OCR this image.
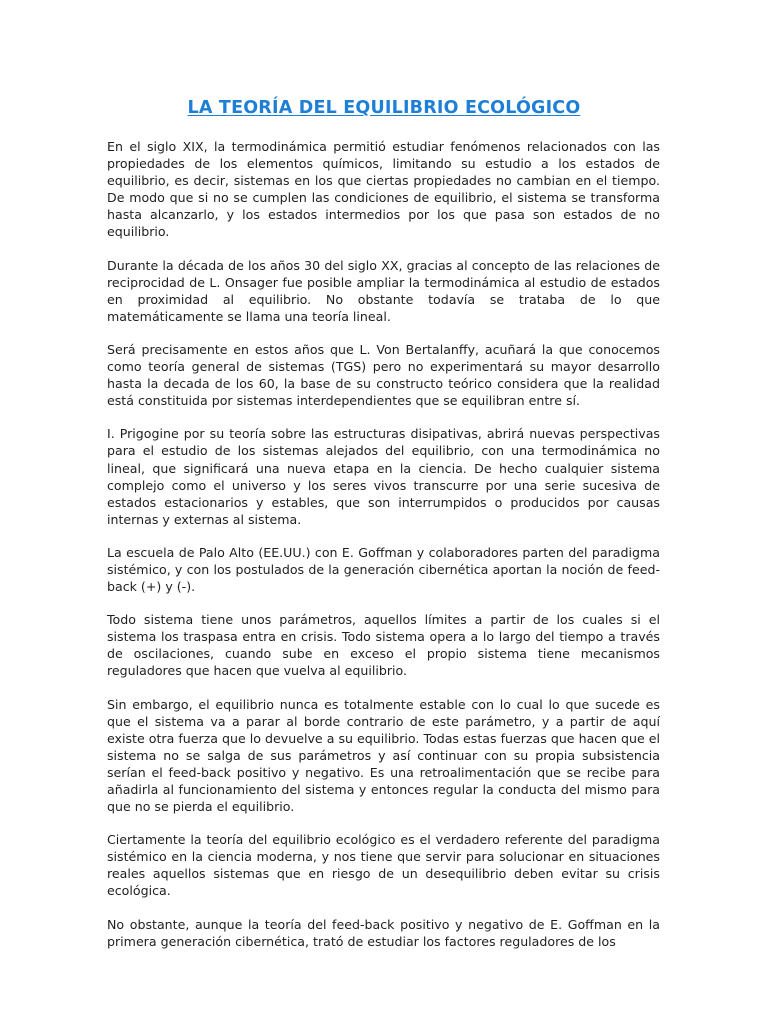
LA TEORÍA DEL EQUILIBRIO ECOLÓGICO

En el siglo XIX, la termodinámica permitió estudiar fenómenos relacionados con las propiedades de los elementos químicos, limitando su estudio a los estados de equilibrio, es decir, sistemas en los que ciertas propiedades no cambian en el tiempo. De modo que si no se cumplen las condiciones de equilibrio, el sistema se transforma hasta alcanzarlo, y los estados intermedios por los que pasa son estados de no equilibrio.

Durante la década de los años 30 del siglo XX, gracias al concepto de las relaciones de reciprocidad de L. Onsager fue posible ampliar la termodinámica al estudio de estados en proximidad al equilibrio. No obstante todavía se trataba de lo que matemáticamente se llama una teoría lineal.

Será precisamente en estos años que L. Von Bertalanffy, acuñará la que conocemos como teoría general de sistemas (TGS) pero no experimentará su mayor desarrollo hasta la decada de los 60, la base de su constructo teórico considera que la realidad está constituida por sistemas interdependientes que se equilibran entre sí.

I. Prigogine por su teoría sobre las estructuras disipativas, abrirá nuevas perspectivas para el estudio de los sistemas alejados del equilibrio, con una termodinámica no lineal, que significará una nueva etapa en la ciencia. De hecho cualquier sistema complejo como el universo y los seres vivos transcurre por una serie sucesiva de estados estacionarios y estables, que son interrumpidos o producidos por causas internas y externas al sistema.

La escuela de Palo Alto (EE.UU.) con E. Goffman y colaboradores parten del paradigma sistémico, y con los postulados de la generación cibernética aportan la noción de feed-back (+) y (-).

Todo sistema tiene unos parámetros, aquellos límites a partir de los cuales si el sistema los traspasa entra en crisis. Todo sistema opera a lo largo del tiempo a través de oscilaciones, cuando sube en exceso el propio sistema tiene mecanismos reguladores que hacen que vuelva al equilibrio.

Sin embargo, el equilibrio nunca es totalmente estable con lo cual lo que sucede es que el sistema va a parar al borde contrario de este parámetro, y a partir de aquí existe otra fuerza que lo devuelve a su equilibrio. Todas estas fuerzas que hacen que el sistema no se salga de sus parámetros y así continuar con su propia subsistencia serían el feed-back positivo y negativo. Es una retroalimentación que se recibe para añadirla al funcionamiento del sistema y entonces regular la conducta del mismo para que no se pierda el equilibrio.

Ciertamente la teoría del equilibrio ecológico es el verdadero referente del paradigma sistémico en la ciencia moderna, y nos tiene que servir para solucionar en situaciones reales aquellos sistemas que en riesgo de un desequilibrio deben evitar su crisis ecológica.

No obstante, aunque la teoría del feed-back positivo y negativo de E. Goffman en la primera generación cibernética, trató de estudiar los factores reguladores de los
